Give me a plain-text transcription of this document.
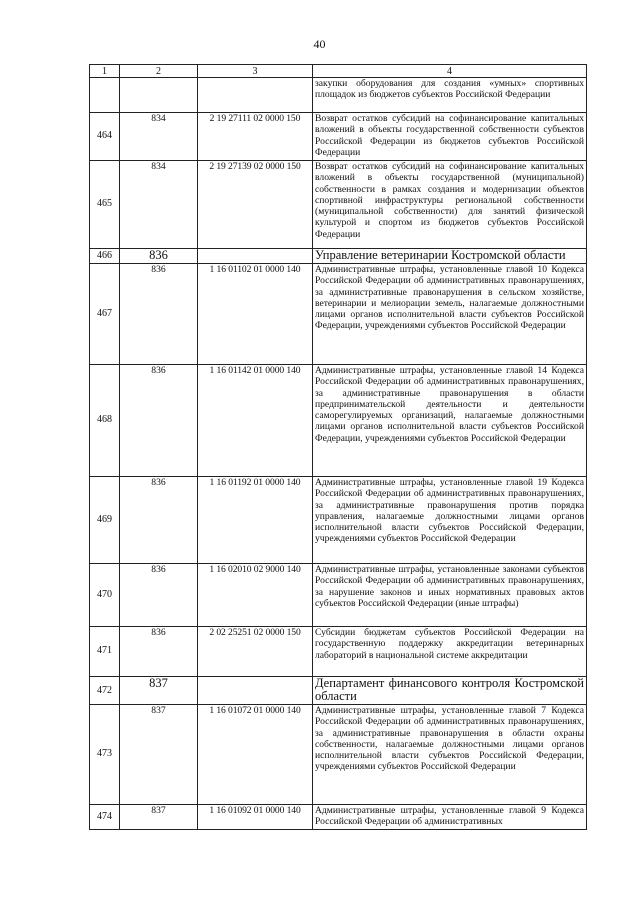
40
1	2	3	4
			закупки оборудования для создания «умных» спортивных площадок из бюджетов субъектов Российской Федерации
464	834	2 19 27111 02 0000 150	Возврат остатков субсидий на софинансирование капитальных вложений в объекты государственной собственности субъектов Российской Федерации из бюджетов субъектов Российской Федерации
465	834	2 19 27139 02 0000 150	Возврат остатков субсидий на софинансирование капитальных вложений в объекты государственной (муниципальной) собственности в рамках создания и модернизации объектов спортивной инфраструктуры региональной собственности (муниципальной собственности) для занятий физической культурой и спортом из бюджетов субъектов Российской Федерации
466	836		Управление ветеринарии Костромской области
467	836	1 16 01102 01 0000 140	Административные штрафы, установленные главой 10 Кодекса Российской Федерации об административных правонарушениях, за административные правонарушения в сельском хозяйстве, ветеринарии и мелиорации земель, налагаемые должностными лицами органов исполнительной власти субъектов Российской Федерации, учреждениями субъектов Российской Федерации
468	836	1 16 01142 01 0000 140	Административные штрафы, установленные главой 14 Кодекса Российской Федерации об административных правонарушениях, за административные правонарушения в области предпринимательской деятельности и деятельности саморегулируемых организаций, налагаемые должностными лицами органов исполнительной власти субъектов Российской Федерации, учреждениями субъектов Российской Федерации
469	836	1 16 01192 01 0000 140	Административные штрафы, установленные главой 19 Кодекса Российской Федерации об административных правонарушениях, за административные правонарушения против порядка управления, налагаемые должностными лицами органов исполнительной власти субъектов Российской Федерации, учреждениями субъектов Российской Федерации
470	836	1 16 02010 02 9000 140	Административные штрафы, установленные законами субъектов Российской Федерации об административных правонарушениях, за нарушение законов и иных нормативных правовых актов субъектов Российской Федерации (иные штрафы)
471	836	2 02 25251 02 0000 150	Субсидии бюджетам субъектов Российской Федерации на государственную поддержку аккредитации ветеринарных лабораторий в национальной системе аккредитации
472	837		Департамент финансового контроля Костромской области
473	837	1 16 01072 01 0000 140	Административные штрафы, установленные главой 7 Кодекса Российской Федерации об административных правонарушениях, за административные правонарушения в области охраны собственности, налагаемые должностными лицами органов исполнительной власти субъектов Российской Федерации, учреждениями субъектов Российской Федерации
474	837	1 16 01092 01 0000 140	Административные штрафы, установленные главой 9 Кодекса Российской Федерации об административных
